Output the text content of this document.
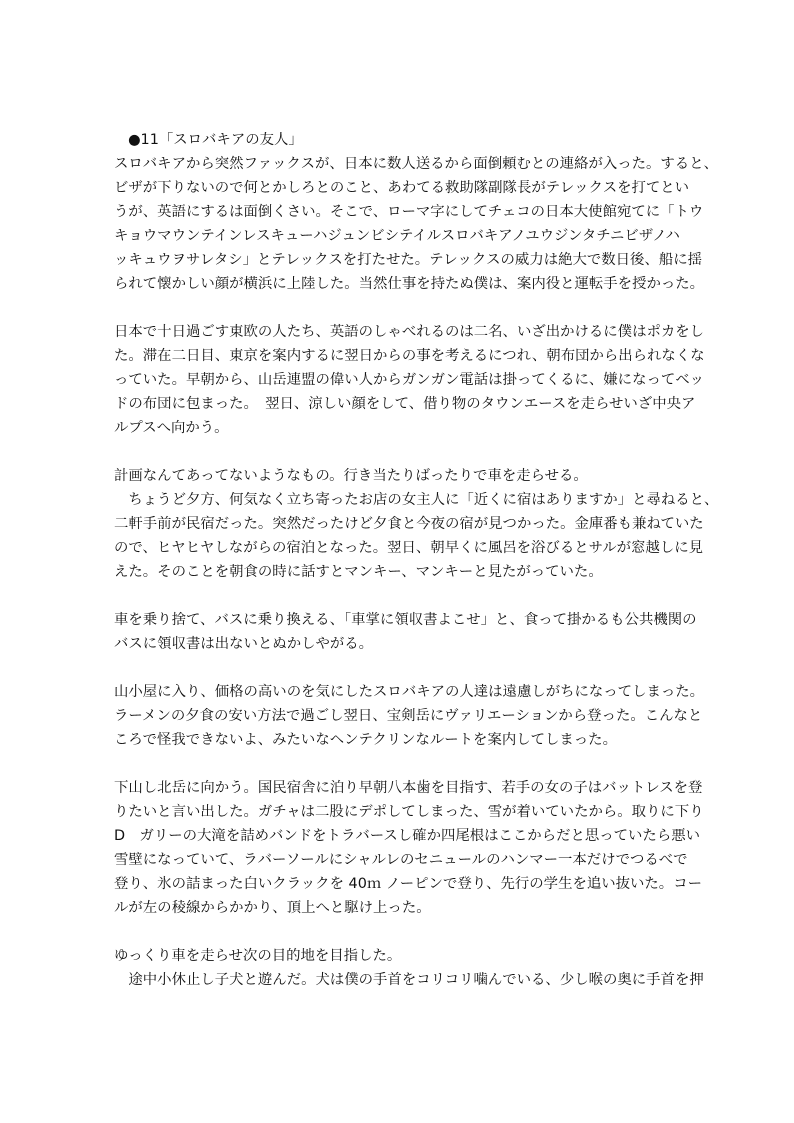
●11「スロバキアの友人」
スロバキアから突然ファックスが、日本に数人送るから面倒頼むとの連絡が入った。すると、
ビザが下りないので何とかしろとのこと、あわてる救助隊副隊長がテレックスを打てとい
うが、英語にするは面倒くさい。そこで、ローマ字にしてチェコの日本大使館宛てに「トウ
キョウマウンテインレスキューハジュンビシテイルスロバキアノユウジンタチニビザノハ
ッキュウヲサレタシ」とテレックスを打たせた。テレックスの威力は絶大で数日後、船に揺
られて懐かしい顔が横浜に上陸した。当然仕事を持たぬ僕は、案内役と運転手を授かった。
日本で十日過ごす東欧の人たち、英語のしゃべれるのは二名、いざ出かけるに僕はポカをし
た。滞在二日目、東京を案内するに翌日からの事を考えるにつれ、朝布団から出られなくな
っていた。早朝から、山岳連盟の偉い人からガンガン電話は掛ってくるに、嫌になってベッ
ドの布団に包まった。　翌日、涼しい顔をして、借り物のタウンエースを走らせいざ中央ア
ルプスへ向かう。
計画なんてあってないようなもの。行き当たりばったりで車を走らせる。
　ちょうど夕方、何気なく立ち寄ったお店の女主人に「近くに宿はありますか」と尋ねると、
二軒手前が民宿だった。突然だったけど夕食と今夜の宿が見つかった。金庫番も兼ねていた
ので、ヒヤヒヤしながらの宿泊となった。翌日、朝早くに風呂を浴びるとサルが窓越しに見
えた。そのことを朝食の時に話すとマンキー、マンキーと見たがっていた。
車を乗り捨て、バスに乗り換える、「車掌に領収書よこせ」と、食って掛かるも公共機関の
バスに領収書は出ないとぬかしやがる。
山小屋に入り、価格の高いのを気にしたスロバキアの人達は遠慮しがちになってしまった。
ラーメンの夕食の安い方法で過ごし翌日、宝剣岳にヴァリエーションから登った。こんなと
ころで怪我できないよ、みたいなヘンテクリンなルートを案内してしまった。
下山し北岳に向かう。国民宿舎に泊り早朝八本歯を目指す、若手の女の子はバットレスを登
りたいと言い出した。ガチャは二股にデポしてしまった、雪が着いていたから。取りに下り
D　ガリーの大滝を詰めバンドをトラバースし確か四尾根はここからだと思っていたら悪い
雪壁になっていて、ラバーソールにシャルレのセニュールのハンマー一本だけでつるべで
登り、氷の詰まった白いクラックを 40ｍ ノーピンで登り、先行の学生を追い抜いた。コー
ルが左の稜線からかかり、頂上へと駆け上った。
ゆっくり車を走らせ次の目的地を目指した。
　途中小休止し子犬と遊んだ。犬は僕の手首をコリコリ噛んでいる、少し喉の奥に手首を押
